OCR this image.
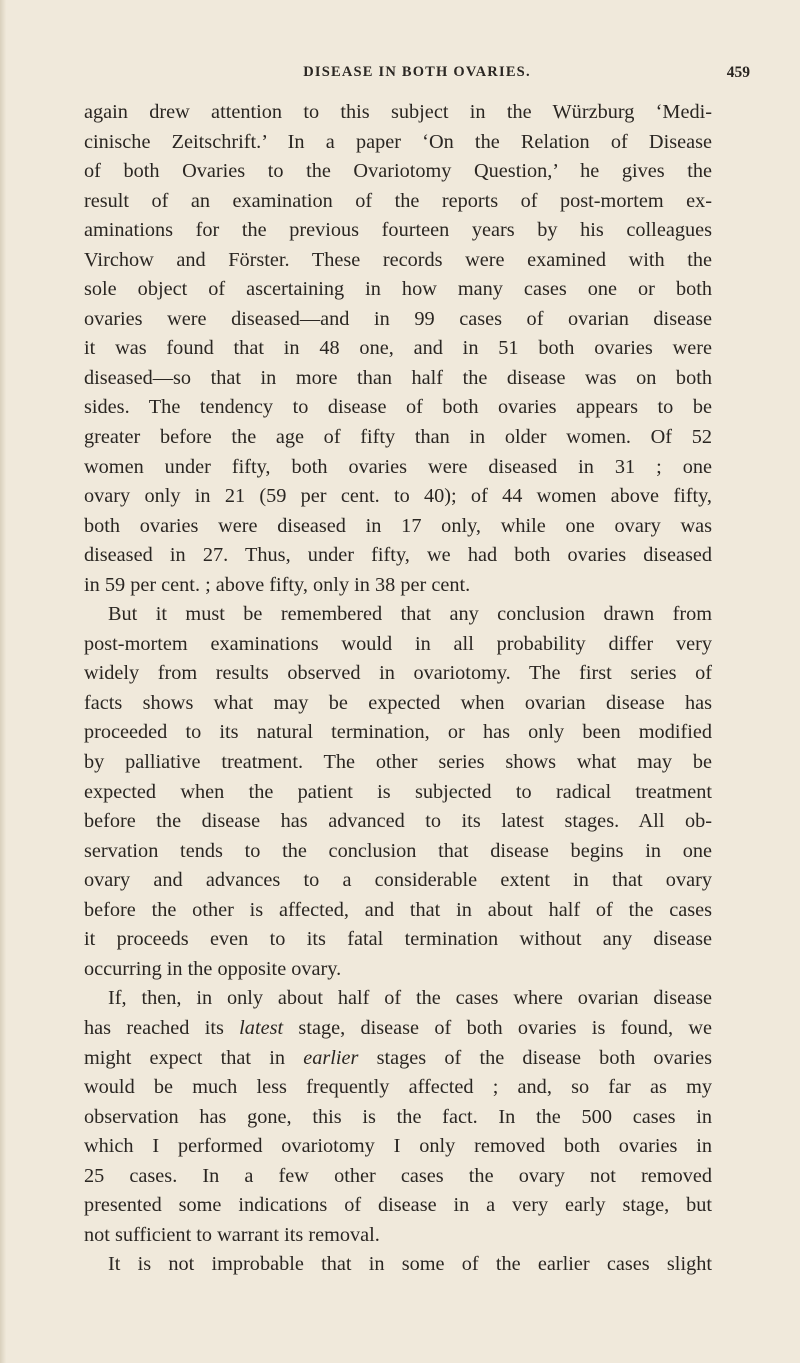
DISEASE IN BOTH OVARIES.	459
again drew attention to this subject in the Würzburg ‘Medi-
cinische Zeitschrift.’ In a paper ‘On the Relation of Disease
of both Ovaries to the Ovariotomy Question,’ he gives the
result of an examination of the reports of post-mortem ex-
aminations for the previous fourteen years by his colleagues
Virchow and Förster. These records were examined with the
sole object of ascertaining in how many cases one or both
ovaries were diseased—and in 99 cases of ovarian disease
it was found that in 48 one, and in 51 both ovaries were
diseased—so that in more than half the disease was on both
sides. The tendency to disease of both ovaries appears to be
greater before the age of fifty than in older women. Of 52
women under fifty, both ovaries were diseased in 31 ; one
ovary only in 21 (59 per cent. to 40); of 44 women above fifty,
both ovaries were diseased in 17 only, while one ovary was
diseased in 27. Thus, under fifty, we had both ovaries diseased
in 59 per cent. ; above fifty, only in 38 per cent.
But it must be remembered that any conclusion drawn from
post-mortem examinations would in all probability differ very
widely from results observed in ovariotomy. The first series of
facts shows what may be expected when ovarian disease has
proceeded to its natural termination, or has only been modified
by palliative treatment. The other series shows what may be
expected when the patient is subjected to radical treatment
before the disease has advanced to its latest stages. All ob-
servation tends to the conclusion that disease begins in one
ovary and advances to a considerable extent in that ovary
before the other is affected, and that in about half of the cases
it proceeds even to its fatal termination without any disease
occurring in the opposite ovary.
If, then, in only about half of the cases where ovarian disease
has reached its latest stage, disease of both ovaries is found, we
might expect that in earlier stages of the disease both ovaries
would be much less frequently affected ; and, so far as my
observation has gone, this is the fact. In the 500 cases in
which I performed ovariotomy I only removed both ovaries in
25 cases. In a few other cases the ovary not removed
presented some indications of disease in a very early stage, but
not sufficient to warrant its removal.
It is not improbable that in some of the earlier cases slight
